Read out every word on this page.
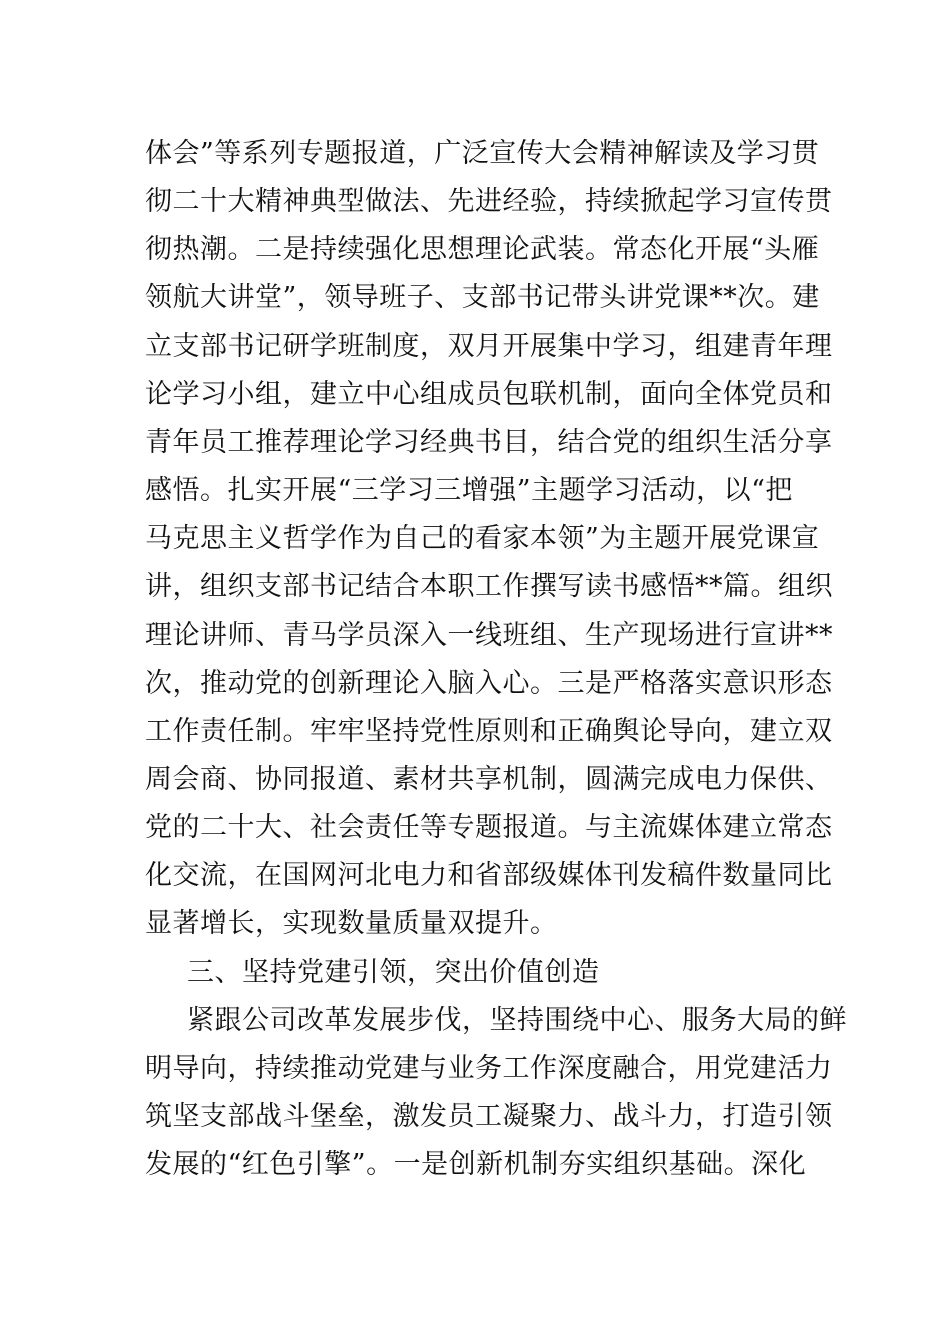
体会”等系列专题报道，广泛宣传大会精神解读及学习贯
彻二十大精神典型做法、先进经验，持续掀起学习宣传贯
彻热潮。二是持续强化思想理论武装。常态化开展“头雁
领航大讲堂”，领导班子、支部书记带头讲党课**次。建
立支部书记研学班制度，双月开展集中学习，组建青年理
论学习小组，建立中心组成员包联机制，面向全体党员和
青年员工推荐理论学习经典书目，结合党的组织生活分享
感悟。扎实开展“三学习三增强”主题学习活动，以“把
马克思主义哲学作为自己的看家本领”为主题开展党课宣
讲，组织支部书记结合本职工作撰写读书感悟**篇。组织
理论讲师、青马学员深入一线班组、生产现场进行宣讲**
次，推动党的创新理论入脑入心。三是严格落实意识形态
工作责任制。牢牢坚持党性原则和正确舆论导向，建立双
周会商、协同报道、素材共享机制，圆满完成电力保供、
党的二十大、社会责任等专题报道。与主流媒体建立常态
化交流，在国网河北电力和省部级媒体刊发稿件数量同比
显著增长，实现数量质量双提升。
三、坚持党建引领，突出价值创造
紧跟公司改革发展步伐，坚持围绕中心、服务大局的鲜
明导向，持续推动党建与业务工作深度融合，用党建活力
筑坚支部战斗堡垒，激发员工凝聚力、战斗力，打造引领
发展的“红色引擎”。一是创新机制夯实组织基础。深化
